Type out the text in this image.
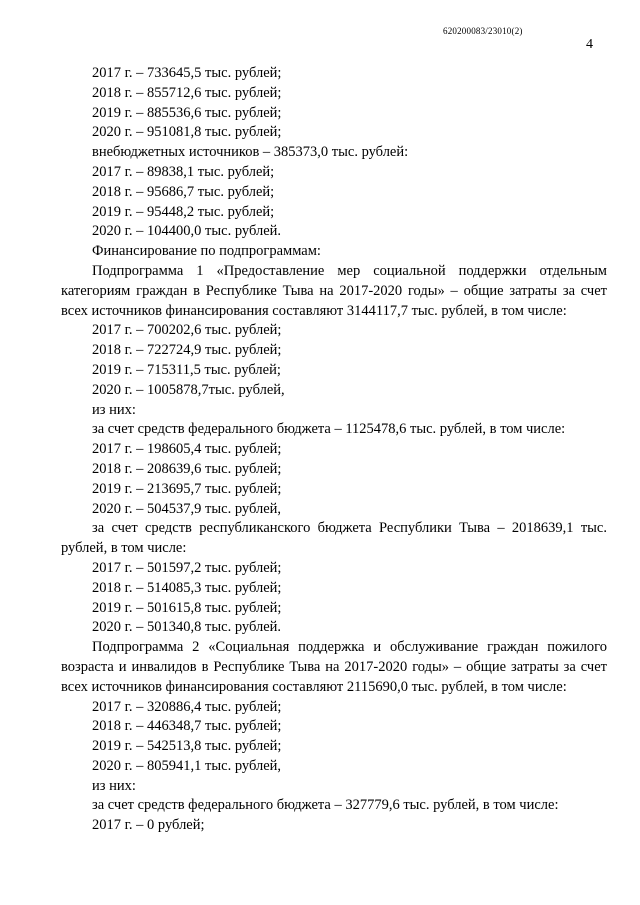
620200083/23010(2)
4
2017 г. – 733645,5 тыс. рублей;
2018 г. – 855712,6 тыс. рублей;
2019 г. – 885536,6 тыс. рублей;
2020 г. – 951081,8 тыс. рублей;
внебюджетных источников – 385373,0 тыс. рублей:
2017 г. – 89838,1 тыс. рублей;
2018 г. – 95686,7 тыс. рублей;
2019 г. – 95448,2 тыс. рублей;
2020 г. – 104400,0 тыс. рублей.
Финансирование по подпрограммам:
Подпрограмма 1 «Предоставление мер социальной поддержки отдельным категориям граждан в Республике Тыва на 2017-2020 годы» – общие затраты за счет всех источников финансирования составляют 3144117,7 тыс. рублей, в том числе:
2017 г. – 700202,6 тыс. рублей;
2018 г. – 722724,9 тыс. рублей;
2019 г. – 715311,5 тыс. рублей;
2020 г. – 1005878,7тыс. рублей,
из них:
за счет средств федерального бюджета – 1125478,6 тыс. рублей, в том числе:
2017 г. – 198605,4 тыс. рублей;
2018 г. – 208639,6 тыс. рублей;
2019 г. – 213695,7 тыс. рублей;
2020 г. – 504537,9 тыс. рублей,
за счет средств республиканского бюджета Республики Тыва – 2018639,1 тыс. рублей, в том числе:
2017 г. – 501597,2 тыс. рублей;
2018 г. – 514085,3 тыс. рублей;
2019 г. – 501615,8 тыс. рублей;
2020 г. – 501340,8 тыс. рублей.
Подпрограмма 2 «Социальная поддержка и обслуживание граждан пожилого возраста и инвалидов в Республике Тыва на 2017-2020 годы» – общие затраты за счет всех источников финансирования составляют 2115690,0 тыс. рублей, в том числе:
2017 г. – 320886,4 тыс. рублей;
2018 г. – 446348,7 тыс. рублей;
2019 г. – 542513,8 тыс. рублей;
2020 г. – 805941,1 тыс. рублей,
из них:
за счет средств федерального бюджета – 327779,6 тыс. рублей, в том числе:
2017 г. – 0 рублей;
